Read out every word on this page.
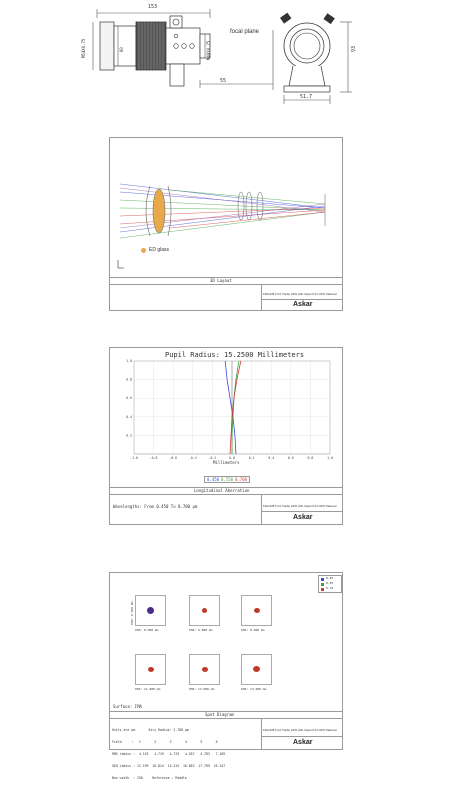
153
M54X0.75	80	M48X0.75
55
focal plane
93
51.7
ED glass
3D Layout
FMA135 F4.0 Triplet APO with triplet F4.0 APO flattener
Askar
Pupil Radius: 15.2500 Millimeters
-1.0	-0.8	-0.6	-0.4	-0.2	0.0	0.2	0.4	0.6	0.8	1.0
1.0
0.8
0.6
0.4
0.2
Millimeters
0.450 0.550 0.700
Longitudinal Aberration
Wavelengths: From 0.450 To 0.700 µm	FMA135 F4.0 Triplet APO with triplet F4.0 APO flattener
Askar
0.45
0.55
0.70
IMA: 0.000 mm
IMA: 0.000 mm	IMA: 6.000 mm	IMA: 8.000 mm
IMA: 11.000 mm	IMA: 13.000 mm	IMA: 14.500 mm
Surface: IMA
Spot Diagram

Units are µm.      Airy Radius: 2.788 µm

Field     :   1       2       3       4       5       6

RMS radius :  4.143   4.719   4.725   4.557   4.783   7.209

GEO radius : 12.199  16.824  15.225  16.853  17.799  25.347

Box width  : 250     Reference : Middle

FMA135 F4.0 Triplet APO with triplet F4.0 APO flattener
Askar
